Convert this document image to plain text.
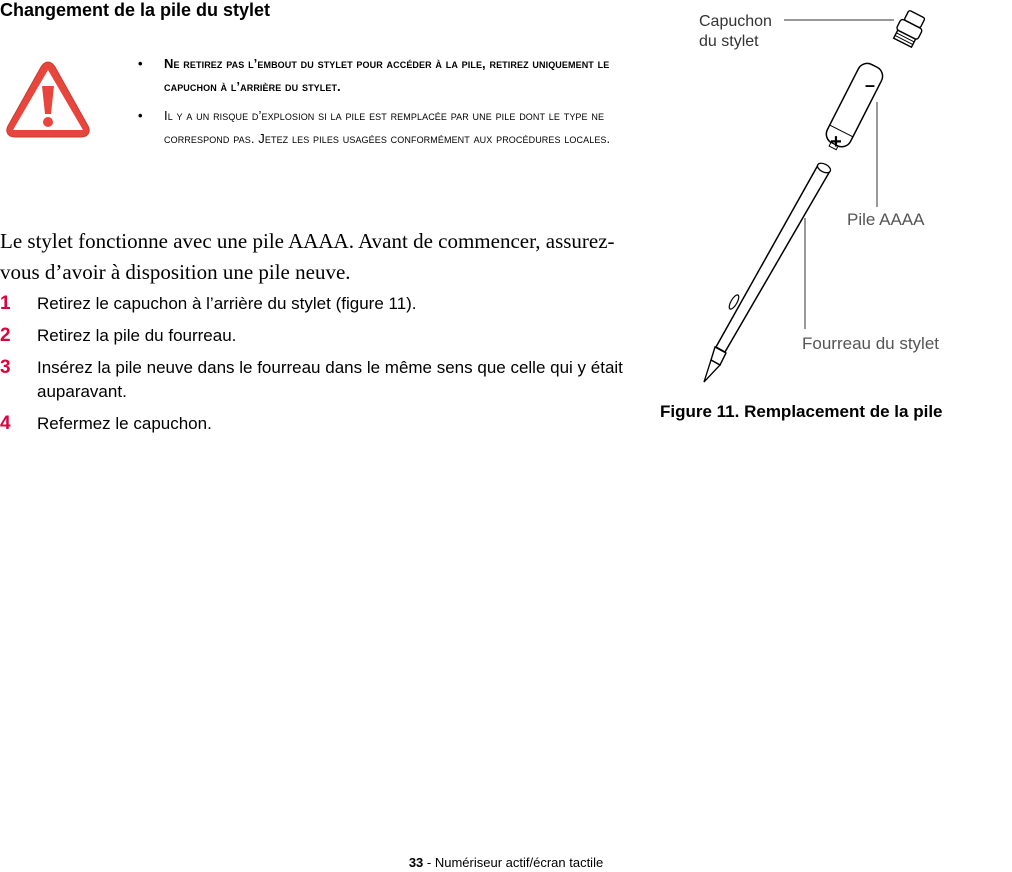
Changement de la pile du stylet
• Ne retirez pas l’embout du stylet pour accéder à la pile, retirez uniquement le capuchon à l’arrière du stylet.
• Il y a un risque d’explosion si la pile est remplacée par une pile dont le type ne correspond pas. Jetez les piles usagées conformément aux procédures locales.

Le stylet fonctionne avec une pile AAAA. Avant de commencer, assurez-vous d’avoir à disposition une pile neuve.

1 Retirez le capuchon à l’arrière du stylet (figure 11).
2 Retirez la pile du fourreau.
3 Insérez la pile neuve dans le fourreau dans le même sens que celle qui y était auparavant.
4 Refermez le capuchon.
–
+

Capuchon
du stylet

Pile AAAA

Fourreau du stylet

Figure 11. Remplacement de la pile

33 - Numériseur actif/écran tactile
